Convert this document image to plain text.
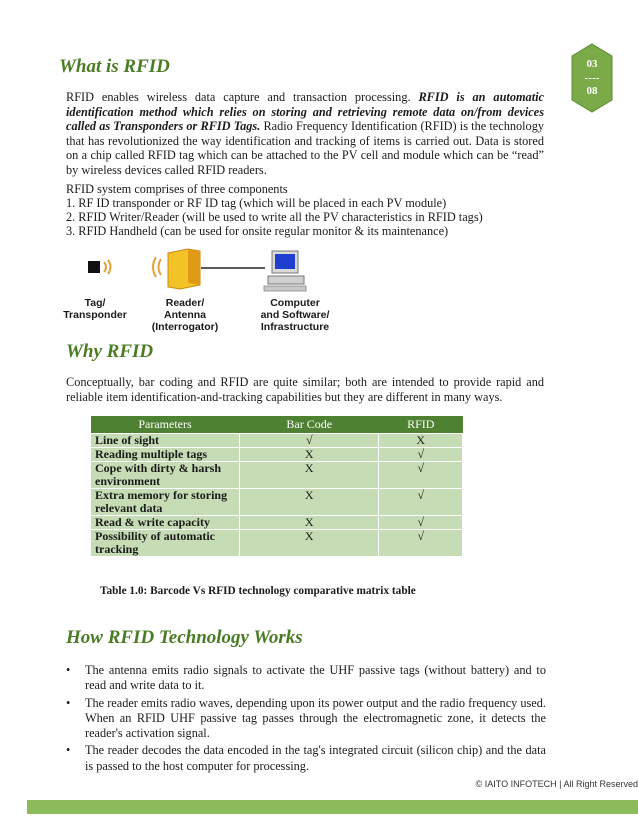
03
----
08
What is RFID

RFID enables wireless data capture and transaction processing. RFID is an automatic identification method which relies on storing and retrieving remote data on/from devices called as Transponders or RFID Tags. Radio Frequency Identification (RFID) is the technology that has revolutionized the way identification and tracking of items is carried out. Data is stored on a chip called RFID tag which can be attached to the PV cell and module which can be “read” by wireless devices called RFID readers.

RFID system comprises of three components
1. RF ID transponder or RF ID tag (which will be placed in each PV module)
2. RFID Writer/Reader (will be used to write all the PV characteristics in RFID tags)
3. RFID Handheld (can be used for onsite regular monitor & its maintenance)
Tag/
Transponder
Reader/
Antenna
(Interrogator)
Computer
and Software/
Infrastructure
Why RFID

Conceptually, bar coding and RFID are quite similar; both are intended to provide rapid and reliable item identification-and-tracking capabilities but they are different in many ways.

Parameters	Bar Code	RFID
Line of sight	√	X
Reading multiple tags	X	√
Cope with dirty & harsh environment	X	√
Extra memory for storing relevant data	X	√
Read & write capacity	X	√
Possibility of automatic tracking	X	√
Table 1.0: Barcode Vs RFID technology comparative matrix table
How RFID Technology Works
• The antenna emits radio signals to activate the UHF passive tags (without battery) and to read and write data to it.
• The reader emits radio waves, depending upon its power output and the radio frequency used. When an RFID UHF passive tag passes through the electromagnetic zone, it detects the reader's activation signal.
• The reader decodes the data encoded in the tag's integrated circuit (silicon chip) and the data is passed to the host computer for processing.
© IAITO INFOTECH | All Right Reserved
